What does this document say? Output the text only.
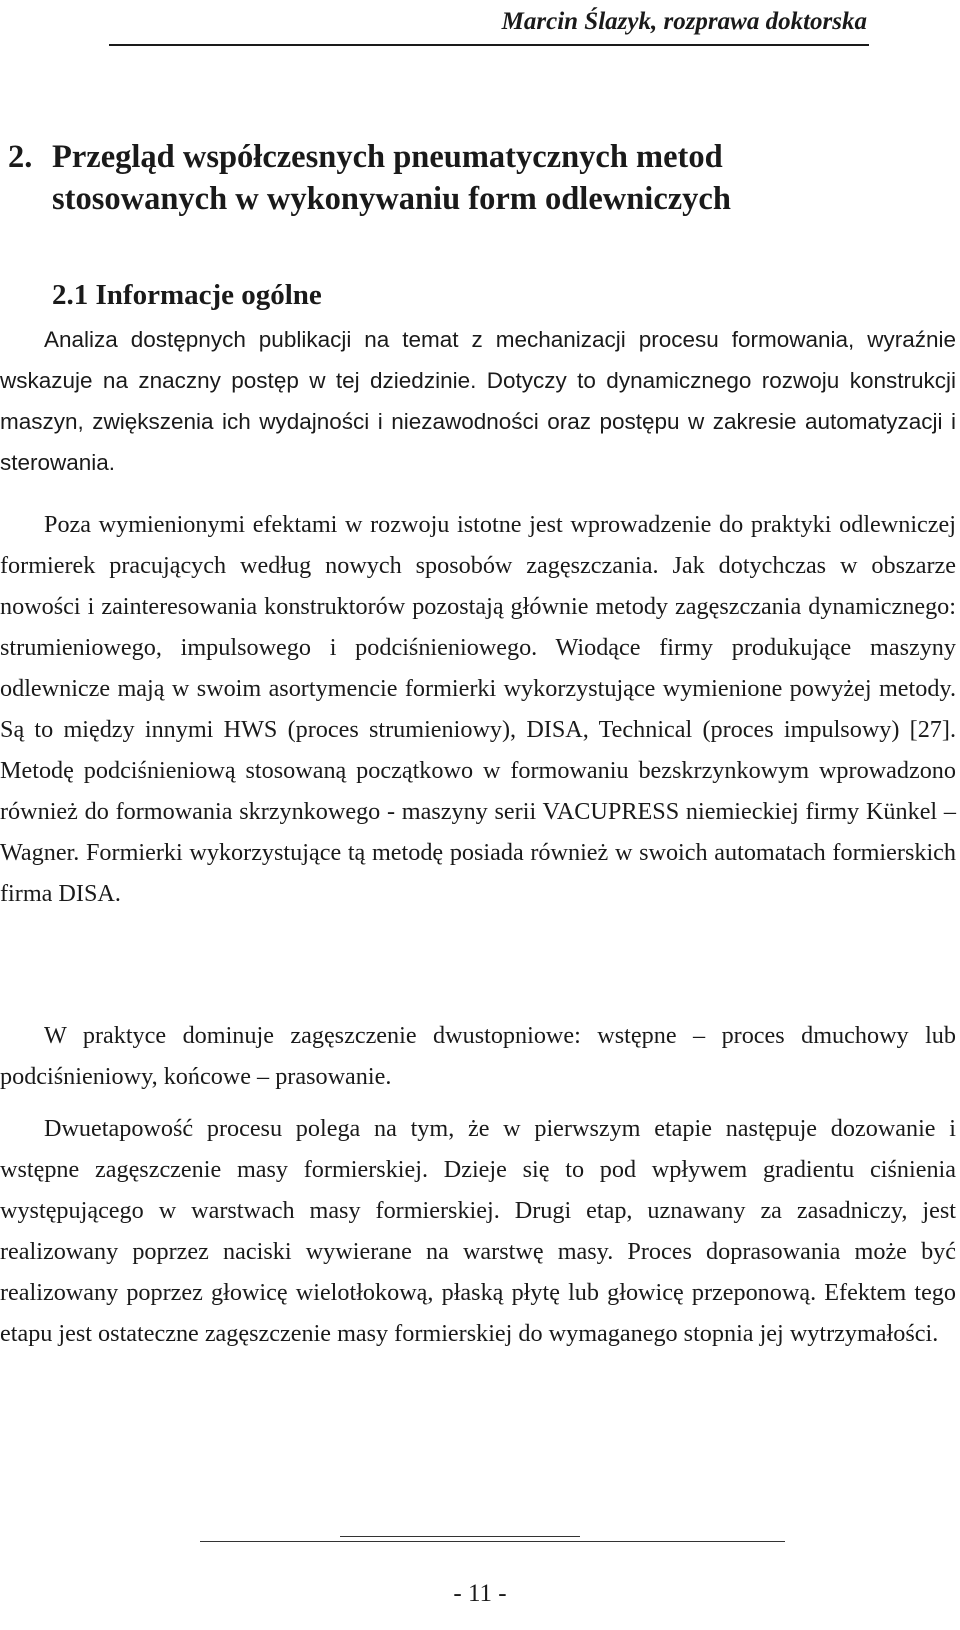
Marcin Ślazyk, rozprawa doktorska
2. Przegląd współczesnych pneumatycznych metod
stosowanych w wykonywaniu form odlewniczych
2.1 Informacje ogólne

Analiza dostępnych publikacji na temat z mechanizacji procesu formowania, wyraźnie wskazuje na znaczny postęp w tej dziedzinie. Dotyczy to dynamicznego rozwoju konstrukcji maszyn, zwiększenia ich wydajności i niezawodności oraz postępu w zakresie automatyzacji i sterowania.

Poza wymienionymi efektami w rozwoju istotne jest wprowadzenie do praktyki odlewniczej formierek pracujących według nowych sposobów zagęszczania. Jak dotychczas w obszarze nowości i zainteresowania konstruktorów pozostają głównie metody zagęszczania dynamicznego: strumieniowego, impulsowego i podciśnieniowego. Wiodące firmy produkujące maszyny odlewnicze mają w swoim asortymencie formierki wykorzystujące wymienione powyżej metody. Są to między innymi HWS (proces strumieniowy), DISA, Technical (proces impulsowy) [27]. Metodę podciśnieniową stosowaną początkowo w formowaniu bezskrzynkowym wprowadzono również do formowania skrzynkowego - maszyny serii VACUPRESS niemieckiej firmy Künkel – Wagner. Formierki wykorzystujące tą metodę posiada również w swoich automatach formierskich firma DISA.

W praktyce dominuje zagęszczenie dwustopniowe: wstępne – proces dmuchowy lub podciśnieniowy, końcowe – prasowanie.

Dwuetapowość procesu polega na tym, że w pierwszym etapie następuje dozowanie i wstępne zagęszczenie masy formierskiej. Dzieje się to pod wpływem gradientu ciśnienia występującego w warstwach masy formierskiej. Drugi etap, uznawany za zasadniczy, jest realizowany poprzez naciski wywierane na warstwę masy. Proces doprasowania może być realizowany poprzez głowicę wielotłokową, płaską płytę lub głowicę przeponową. Efektem tego etapu jest ostateczne zagęszczenie masy formierskiej do wymaganego stopnia jej wytrzymałości.

- 11 -
